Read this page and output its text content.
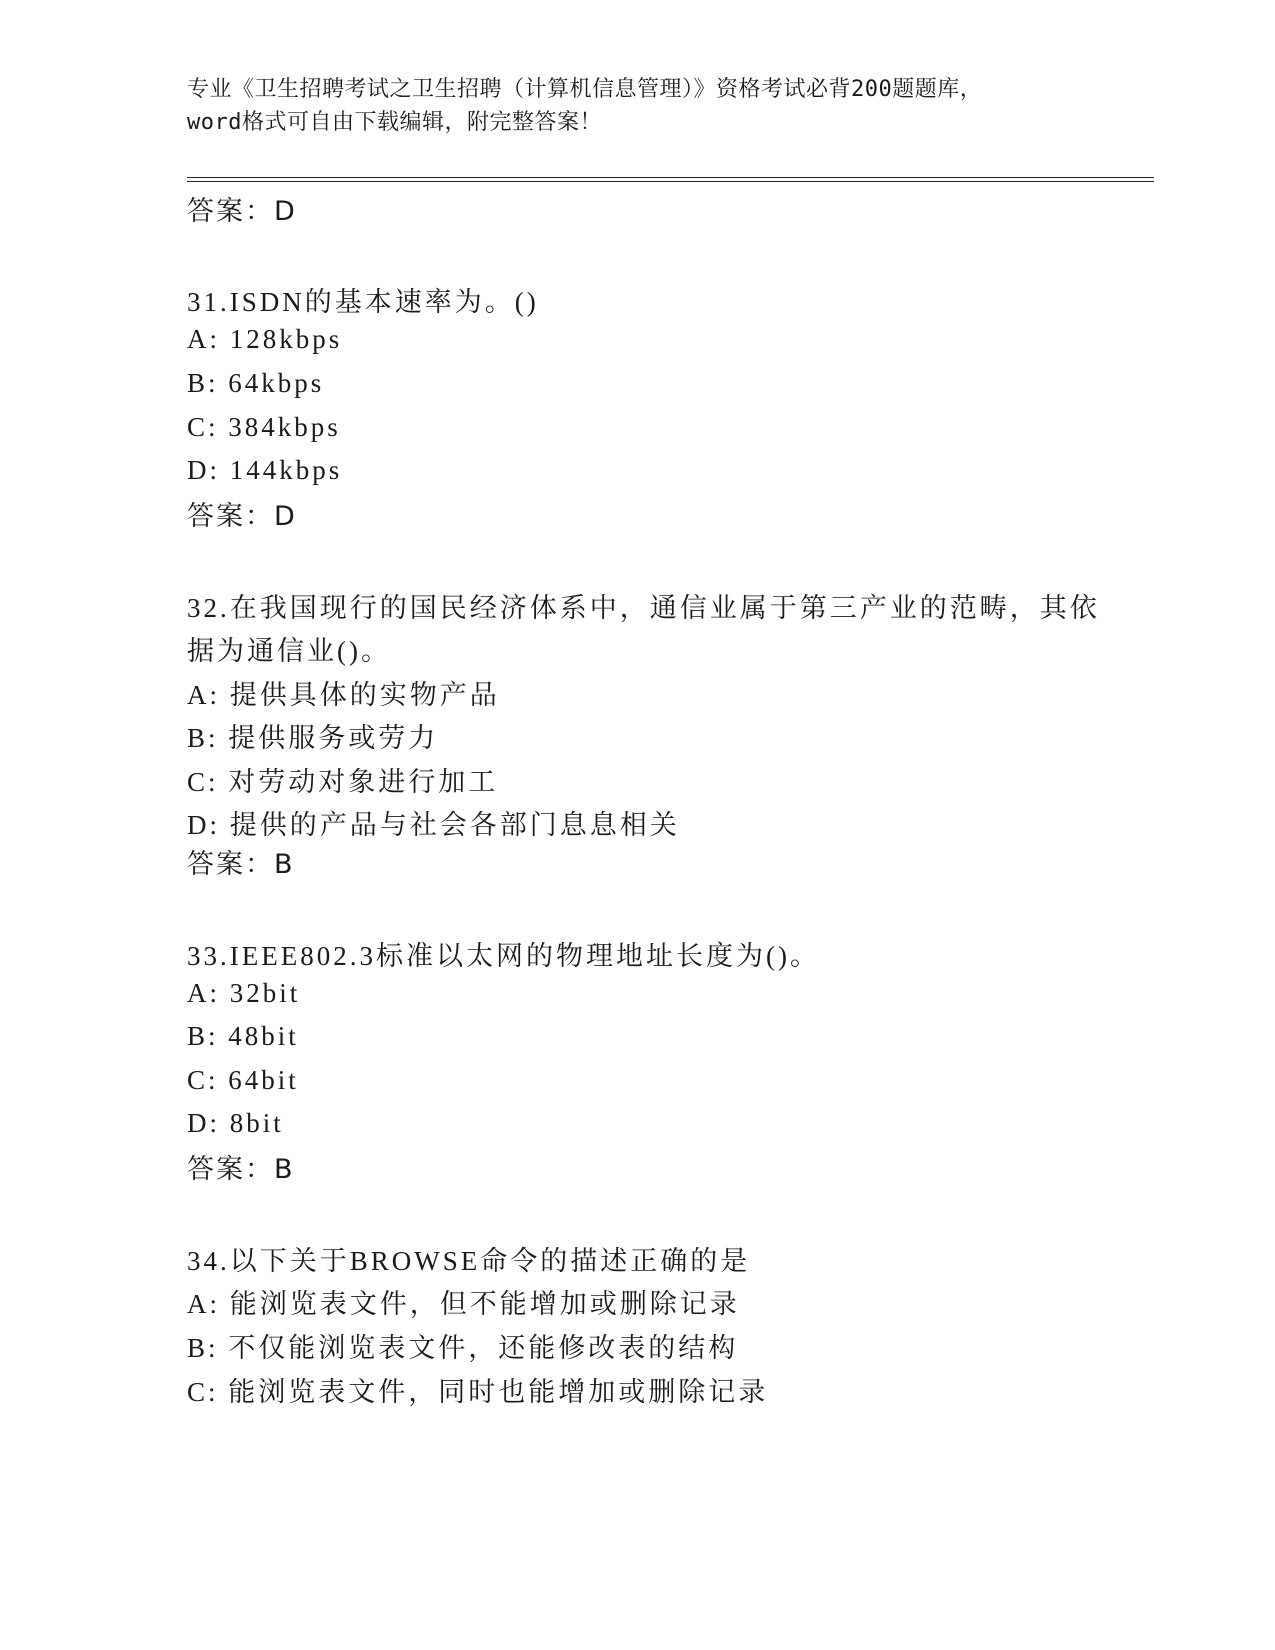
专业《卫生招聘考试之卫生招聘（计算机信息管理）》资格考试必背200题题库，
word格式可自由下载编辑，附完整答案！
答案：D
31.ISDN的基本速率为。()
A: 128kbps
B: 64kbps
C: 384kbps
D: 144kbps
答案：D
32.在我国现行的国民经济体系中，通信业属于第三产业的范畴，其依
据为通信业()。
A: 提供具体的实物产品
B: 提供服务或劳力
C: 对劳动对象进行加工
D: 提供的产品与社会各部门息息相关
答案：B
33.IEEE802.3标准以太网的物理地址长度为()。
A: 32bit
B: 48bit
C: 64bit
D: 8bit
答案：B
34.以下关于BROWSE命令的描述正确的是
A: 能浏览表文件，但不能增加或删除记录
B: 不仅能浏览表文件，还能修改表的结构
C: 能浏览表文件，同时也能增加或删除记录
